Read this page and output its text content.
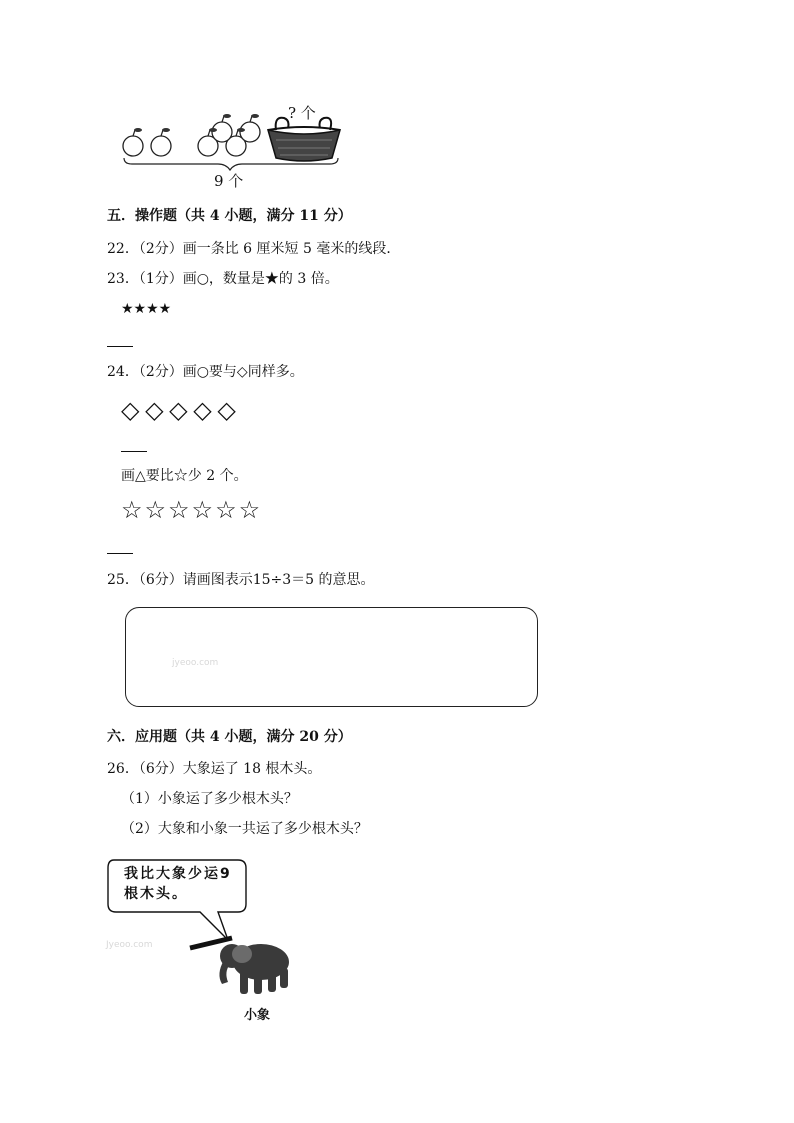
? 个
9 个
五．操作题（共 4 小题，满分 11 分）
22．（2分）画一条比 6 厘米短 5 毫米的线段．
23．（1分）画○，数量是★的 3 倍。
★★★★
24．（2分）画○要与◇同样多。
◇ ◇ ◇ ◇ ◇
画△要比☆少 2 个。
☆☆☆☆☆☆
25．（6分）请画图表示15÷3＝5 的意思。
jyeoo.com
六．应用题（共 4 小题，满分 20 分）
26．（6分）大象运了 18 根木头。
（1）小象运了多少根木头？
（2）大象和小象一共运了多少根木头？
我比大象少运9
根木头。
Jyeoo.com
小象
